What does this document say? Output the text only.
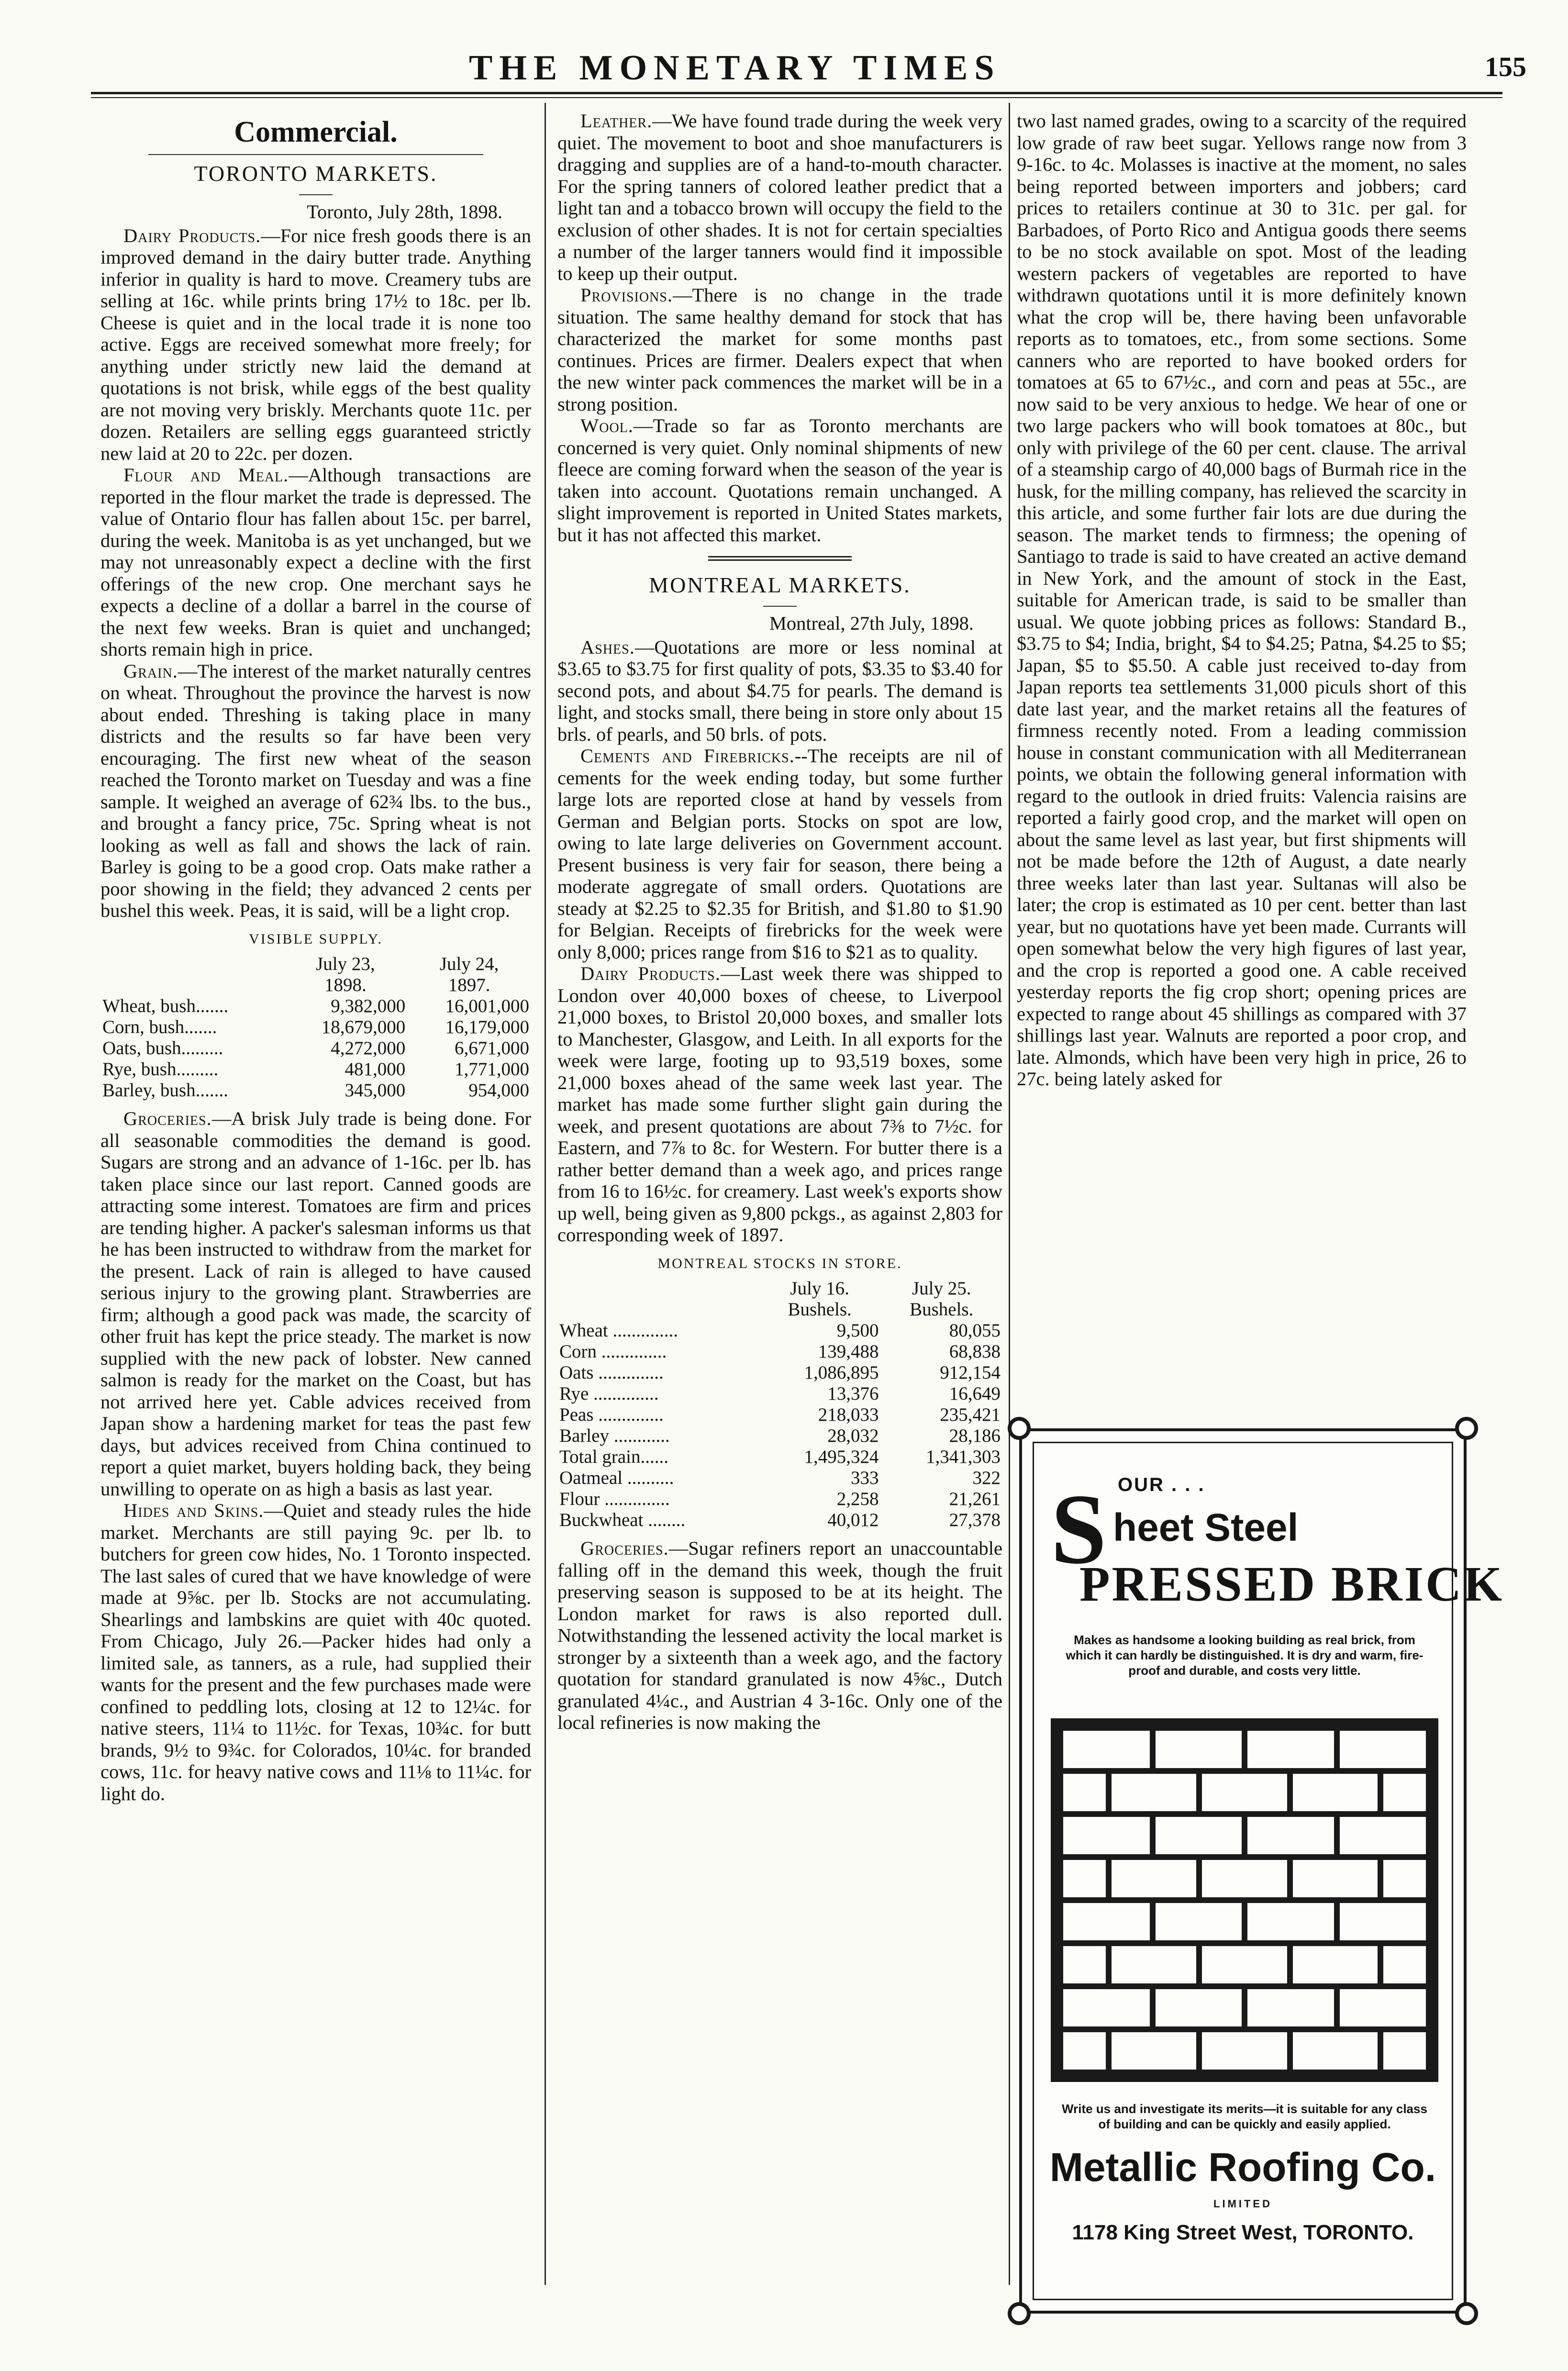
THE MONETARY TIMES	155
Commercial.
TORONTO MARKETS.
Toronto, July 28th, 1898.

Dairy Products.—For nice fresh goods there is an improved demand in the dairy butter trade. Anything inferior in quality is hard to move. Creamery tubs are selling at 16c. while prints bring 17½ to 18c. per lb. Cheese is quiet and in the local trade it is none too active. Eggs are received somewhat more freely; for anything under strictly new laid the demand at quotations is not brisk, while eggs of the best quality are not moving very briskly. Merchants quote 11c. per dozen. Retailers are selling eggs guaranteed strictly new laid at 20 to 22c. per dozen.

Flour and Meal.—Although transactions are reported in the flour market the trade is depressed. The value of Ontario flour has fallen about 15c. per barrel, during the week. Manitoba is as yet unchanged, but we may not unreasonably expect a decline with the first offerings of the new crop. One merchant says he expects a decline of a dollar a barrel in the course of the next few weeks. Bran is quiet and unchanged; shorts remain high in price.

Grain.—The interest of the market naturally centres on wheat. Throughout the province the harvest is now about ended. Threshing is taking place in many districts and the results so far have been very encouraging. The first new wheat of the season reached the Toronto market on Tuesday and was a fine sample. It weighed an average of 62¾ lbs. to the bus., and brought a fancy price, 75c. Spring wheat is not looking as well as fall and shows the lack of rain. Barley is going to be a good crop. Oats make rather a poor showing in the field; they advanced 2 cents per bushel this week. Peas, it is said, will be a light crop.

VISIBLE SUPPLY.
	July 23,	July 24,
	1898.	1897.
Wheat, bush.......	9,382,000	16,001,000
Corn, bush.......	18,679,000	16,179,000
Oats, bush.........	4,272,000	6,671,000
Rye, bush.........	481,000	1,771,000
Barley, bush.......	345,000	954,000

Groceries.—A brisk July trade is being done. For all seasonable commodities the demand is good. Sugars are strong and an advance of 1-16c. per lb. has taken place since our last report. Canned goods are attracting some interest. Tomatoes are firm and prices are tending higher. A packer's salesman informs us that he has been instructed to withdraw from the market for the present. Lack of rain is alleged to have caused serious injury to the growing plant. Strawberries are firm; although a good pack was made, the scarcity of other fruit has kept the price steady. The market is now supplied with the new pack of lobster. New canned salmon is ready for the market on the Coast, but has not arrived here yet. Cable advices received from Japan show a hardening market for teas the past few days, but advices received from China continued to report a quiet market, buyers holding back, they being unwilling to operate on as high a basis as last year.

Hides and Skins.—Quiet and steady rules the hide market. Merchants are still paying 9c. per lb. to butchers for green cow hides, No. 1 Toronto inspected. The last sales of cured that we have knowledge of were made at 9⅝c. per lb. Stocks are not accumulating. Shearlings and lambskins are quiet with 40c quoted. From Chicago, July 26.—Packer hides had only a limited sale, as tanners, as a rule, had supplied their wants for the present and the few purchases made were confined to peddling lots, closing at 12 to 12¼c. for native steers, 11¼ to 11½c. for Texas, 10¾c. for butt brands, 9½ to 9¾c. for Colorados, 10¼c. for branded cows, 11c. for heavy native cows and 11⅛ to 11¼c. for light do.

Leather.—We have found trade during the week very quiet. The movement to boot and shoe manufacturers is dragging and supplies are of a hand-to-mouth character. For the spring tanners of colored leather predict that a light tan and a tobacco brown will occupy the field to the exclusion of other shades. It is not for certain specialties a number of the larger tanners would find it impossible to keep up their output.

Provisions.—There is no change in the trade situation. The same healthy demand for stock that has characterized the market for some months past continues. Prices are firmer. Dealers expect that when the new winter pack commences the market will be in a strong position.

Wool.—Trade so far as Toronto merchants are concerned is very quiet. Only nominal shipments of new fleece are coming forward when the season of the year is taken into account. Quotations remain unchanged. A slight improvement is reported in United States markets, but it has not affected this market.

MONTREAL MARKETS.
Montreal, 27th July, 1898.

Ashes.—Quotations are more or less nominal at $3.65 to $3.75 for first quality of pots, $3.35 to $3.40 for second pots, and about $4.75 for pearls. The demand is light, and stocks small, there being in store only about 15 brls. of pearls, and 50 brls. of pots.

Cements and Firebricks.--The receipts are nil of cements for the week ending today, but some further large lots are reported close at hand by vessels from German and Belgian ports. Stocks on spot are low, owing to late large deliveries on Government account. Present business is very fair for season, there being a moderate aggregate of small orders. Quotations are steady at $2.25 to $2.35 for British, and $1.80 to $1.90 for Belgian. Receipts of firebricks for the week were only 8,000; prices range from $16 to $21 as to quality.

Dairy Products.—Last week there was shipped to London over 40,000 boxes of cheese, to Liverpool 21,000 boxes, to Bristol 20,000 boxes, and smaller lots to Manchester, Glasgow, and Leith. In all exports for the week were large, footing up to 93,519 boxes, some 21,000 boxes ahead of the same week last year. The market has made some further slight gain during the week, and present quotations are about 7⅜ to 7½c. for Eastern, and 7⅞ to 8c. for Western. For butter there is a rather better demand than a week ago, and prices range from 16 to 16½c. for creamery. Last week's exports show up well, being given as 9,800 pckgs., as against 2,803 for corresponding week of 1897.

MONTREAL STOCKS IN STORE.
	July 16.	July 25.
	Bushels.	Bushels.
Wheat ..............	9,500	80,055
Corn ..............	139,488	68,838
Oats ..............	1,086,895	912,154
Rye ..............	13,376	16,649
Peas ..............	218,033	235,421
Barley ............	28,032	28,186
Total grain......	1,495,324	1,341,303
Oatmeal ..........	333	322
Flour ..............	2,258	21,261
Buckwheat ........	40,012	27,378

Groceries.—Sugar refiners report an unaccountable falling off in the demand this week, though the fruit preserving season is supposed to be at its height. The London market for raws is also reported dull. Notwithstanding the lessened activity the local market is stronger by a sixteenth than a week ago, and the factory quotation for standard granulated is now 4⅝c., Dutch granulated 4¼c., and Austrian 4 3-16c. Only one of the local refineries is now making the

two last named grades, owing to a scarcity of the required low grade of raw beet sugar. Yellows range now from 3 9-16c. to 4c. Molasses is inactive at the moment, no sales being reported between importers and jobbers; card prices to retailers continue at 30 to 31c. per gal. for Barbadoes, of Porto Rico and Antigua goods there seems to be no stock available on spot. Most of the leading western packers of vegetables are reported to have withdrawn quotations until it is more definitely known what the crop will be, there having been unfavorable reports as to tomatoes, etc., from some sections. Some canners who are reported to have booked orders for tomatoes at 65 to 67½c., and corn and peas at 55c., are now said to be very anxious to hedge. We hear of one or two large packers who will book tomatoes at 80c., but only with privilege of the 60 per cent. clause. The arrival of a steamship cargo of 40,000 bags of Burmah rice in the husk, for the milling company, has relieved the scarcity in this article, and some further fair lots are due during the season. The market tends to firmness; the opening of Santiago to trade is said to have created an active demand in New York, and the amount of stock in the East, suitable for American trade, is said to be smaller than usual. We quote jobbing prices as follows: Standard B., $3.75 to $4; India, bright, $4 to $4.25; Patna, $4.25 to $5; Japan, $5 to $5.50. A cable just received to-day from Japan reports tea settlements 31,000 piculs short of this date last year, and the market retains all the features of firmness recently noted. From a leading commission house in constant communication with all Mediterranean points, we obtain the following general information with regard to the outlook in dried fruits: Valencia raisins are reported a fairly good crop, and the market will open on about the same level as last year, but first shipments will not be made before the 12th of August, a date nearly three weeks later than last year. Sultanas will also be later; the crop is estimated as 10 per cent. better than last year, but no quotations have yet been made. Currants will open somewhat below the very high figures of last year, and the crop is reported a good one. A cable received yesterday reports the fig crop short; opening prices are expected to range about 45 shillings as compared with 37 shillings last year. Walnuts are reported a poor crop, and late. Almonds, which have been very high in price, 26 to 27c. being lately asked for

S OUR . . .
heet Steel
PRESSED BRICK
Makes as handsome a looking building as real brick, from which it can hardly be distinguished. It is dry and warm, fire-proof and durable, and costs very little.
Write us and investigate its merits—it is suitable for any class of building and can be quickly and easily applied.
Metallic Roofing Co.
LIMITED
1178 King Street West, TORONTO.
